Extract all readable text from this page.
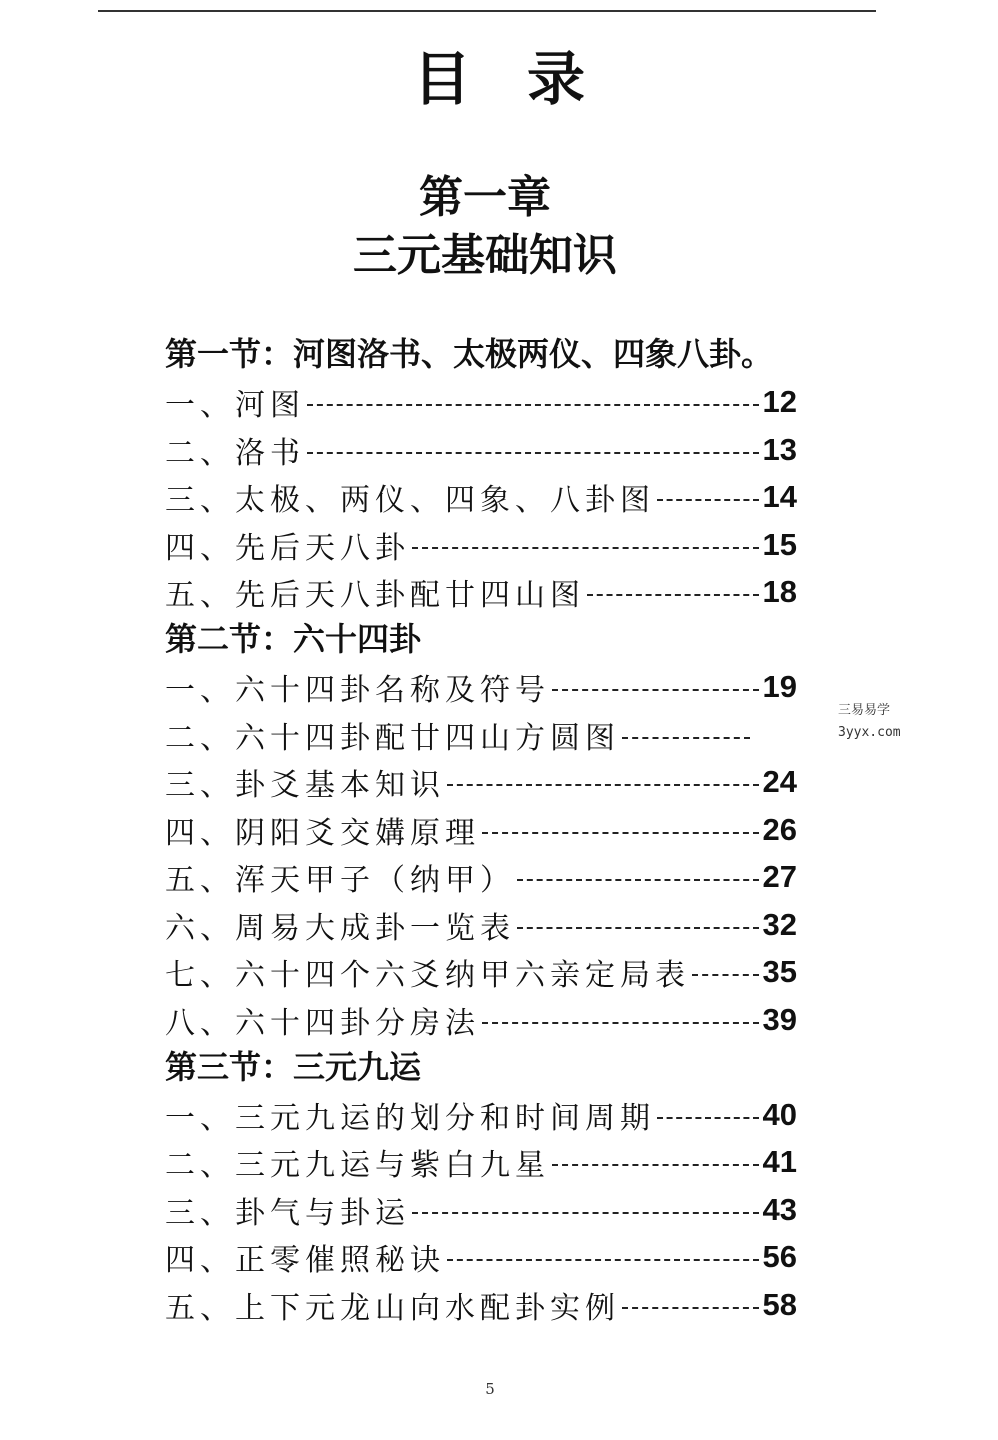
目录
第一章
三元基础知识
第一节：河图洛书、太极两仪、四象八卦。
一、河图	12
二、洛书	13
三、太极、两仪、四象、八卦图	14
四、先后天八卦	15
五、先后天八卦配廿四山图	18
第二节：六十四卦
一、六十四卦名称及符号	19
二、六十四卦配廿四山方圆图
三、卦爻基本知识	24
四、阴阳爻交媾原理	26
五、浑天甲子（纳甲）	27
六、周易大成卦一览表	32
七、六十四个六爻纳甲六亲定局表 35
八、六十四卦分房法	39
第三节：三元九运
一、三元九运的划分和时间周期	40
二、三元九运与紫白九星	41
三、卦气与卦运	43
四、正零催照秘诀	56
五、上下元龙山向水配卦实例	58
三易易学
3yyx.com
5
